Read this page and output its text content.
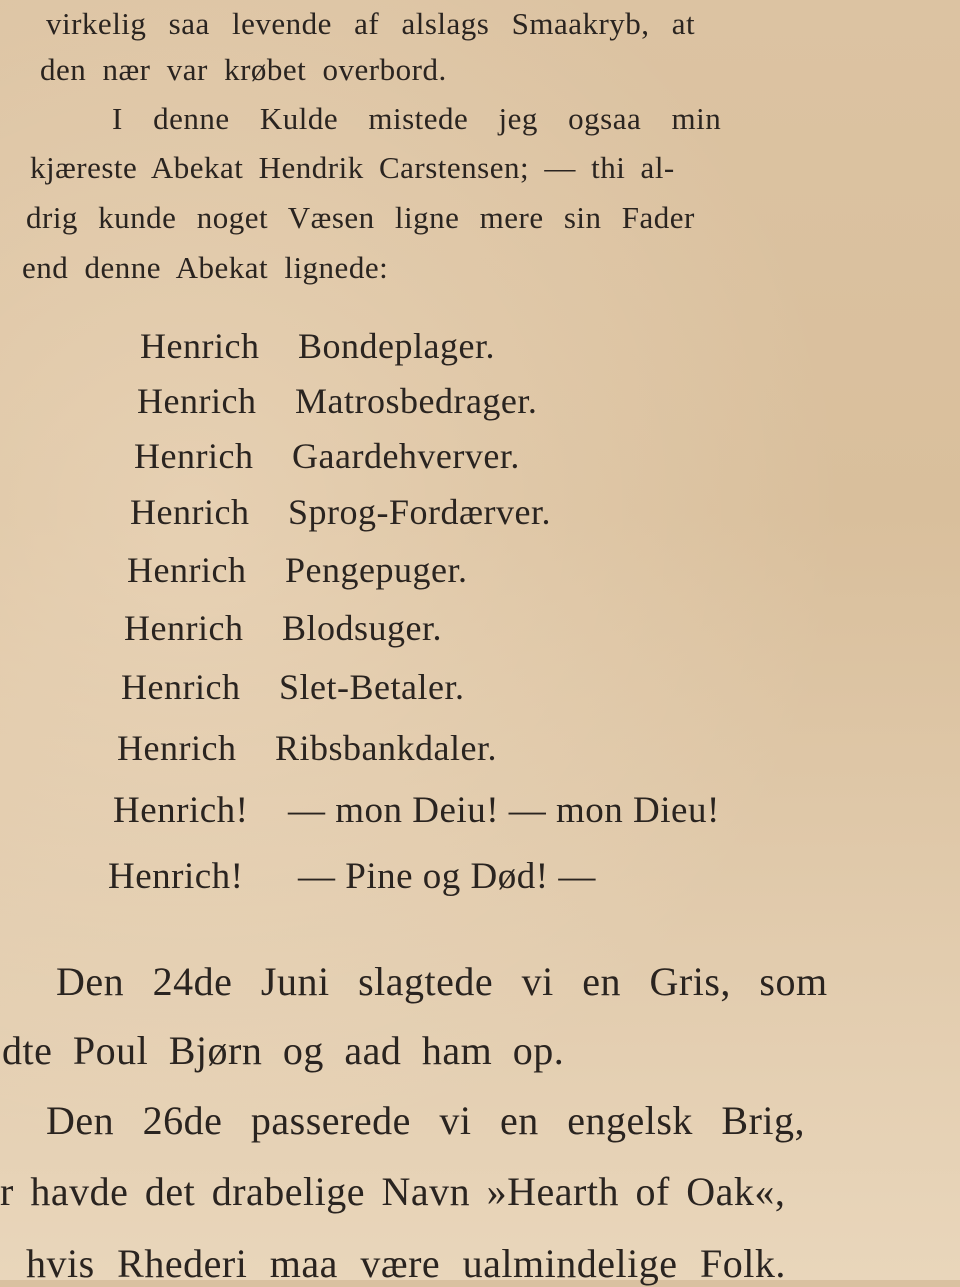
virkelig saa levende af alslags Smaakryb, at
den nær var krøbet overbord.
I denne Kulde mistede jeg ogsaa min
kjæreste Abekat Hendrik Carstensen; — thi al-
drig kunde noget Væsen ligne mere sin Fader
end denne Abekat lignede:
Henrich Bondeplager.
Henrich Matrosbedrager.
Henrich Gaardehverver.
Henrich Sprog-Fordærver.
Henrich Pengepuger.
Henrich Blodsuger.
Henrich Slet-Betaler.
Henrich Ribsbankdaler.
Henrich! — mon Deiu! — mon Dieu!
Henrich! — Pine og Død! —
Den 24de Juni slagtede vi en Gris, som
dte Poul Bjørn og aad ham op.
Den 26de passerede vi en engelsk Brig,
r havde det drabelige Navn »Hearth of Oak«,
hvis Rhederi maa være ualmindelige Folk.
